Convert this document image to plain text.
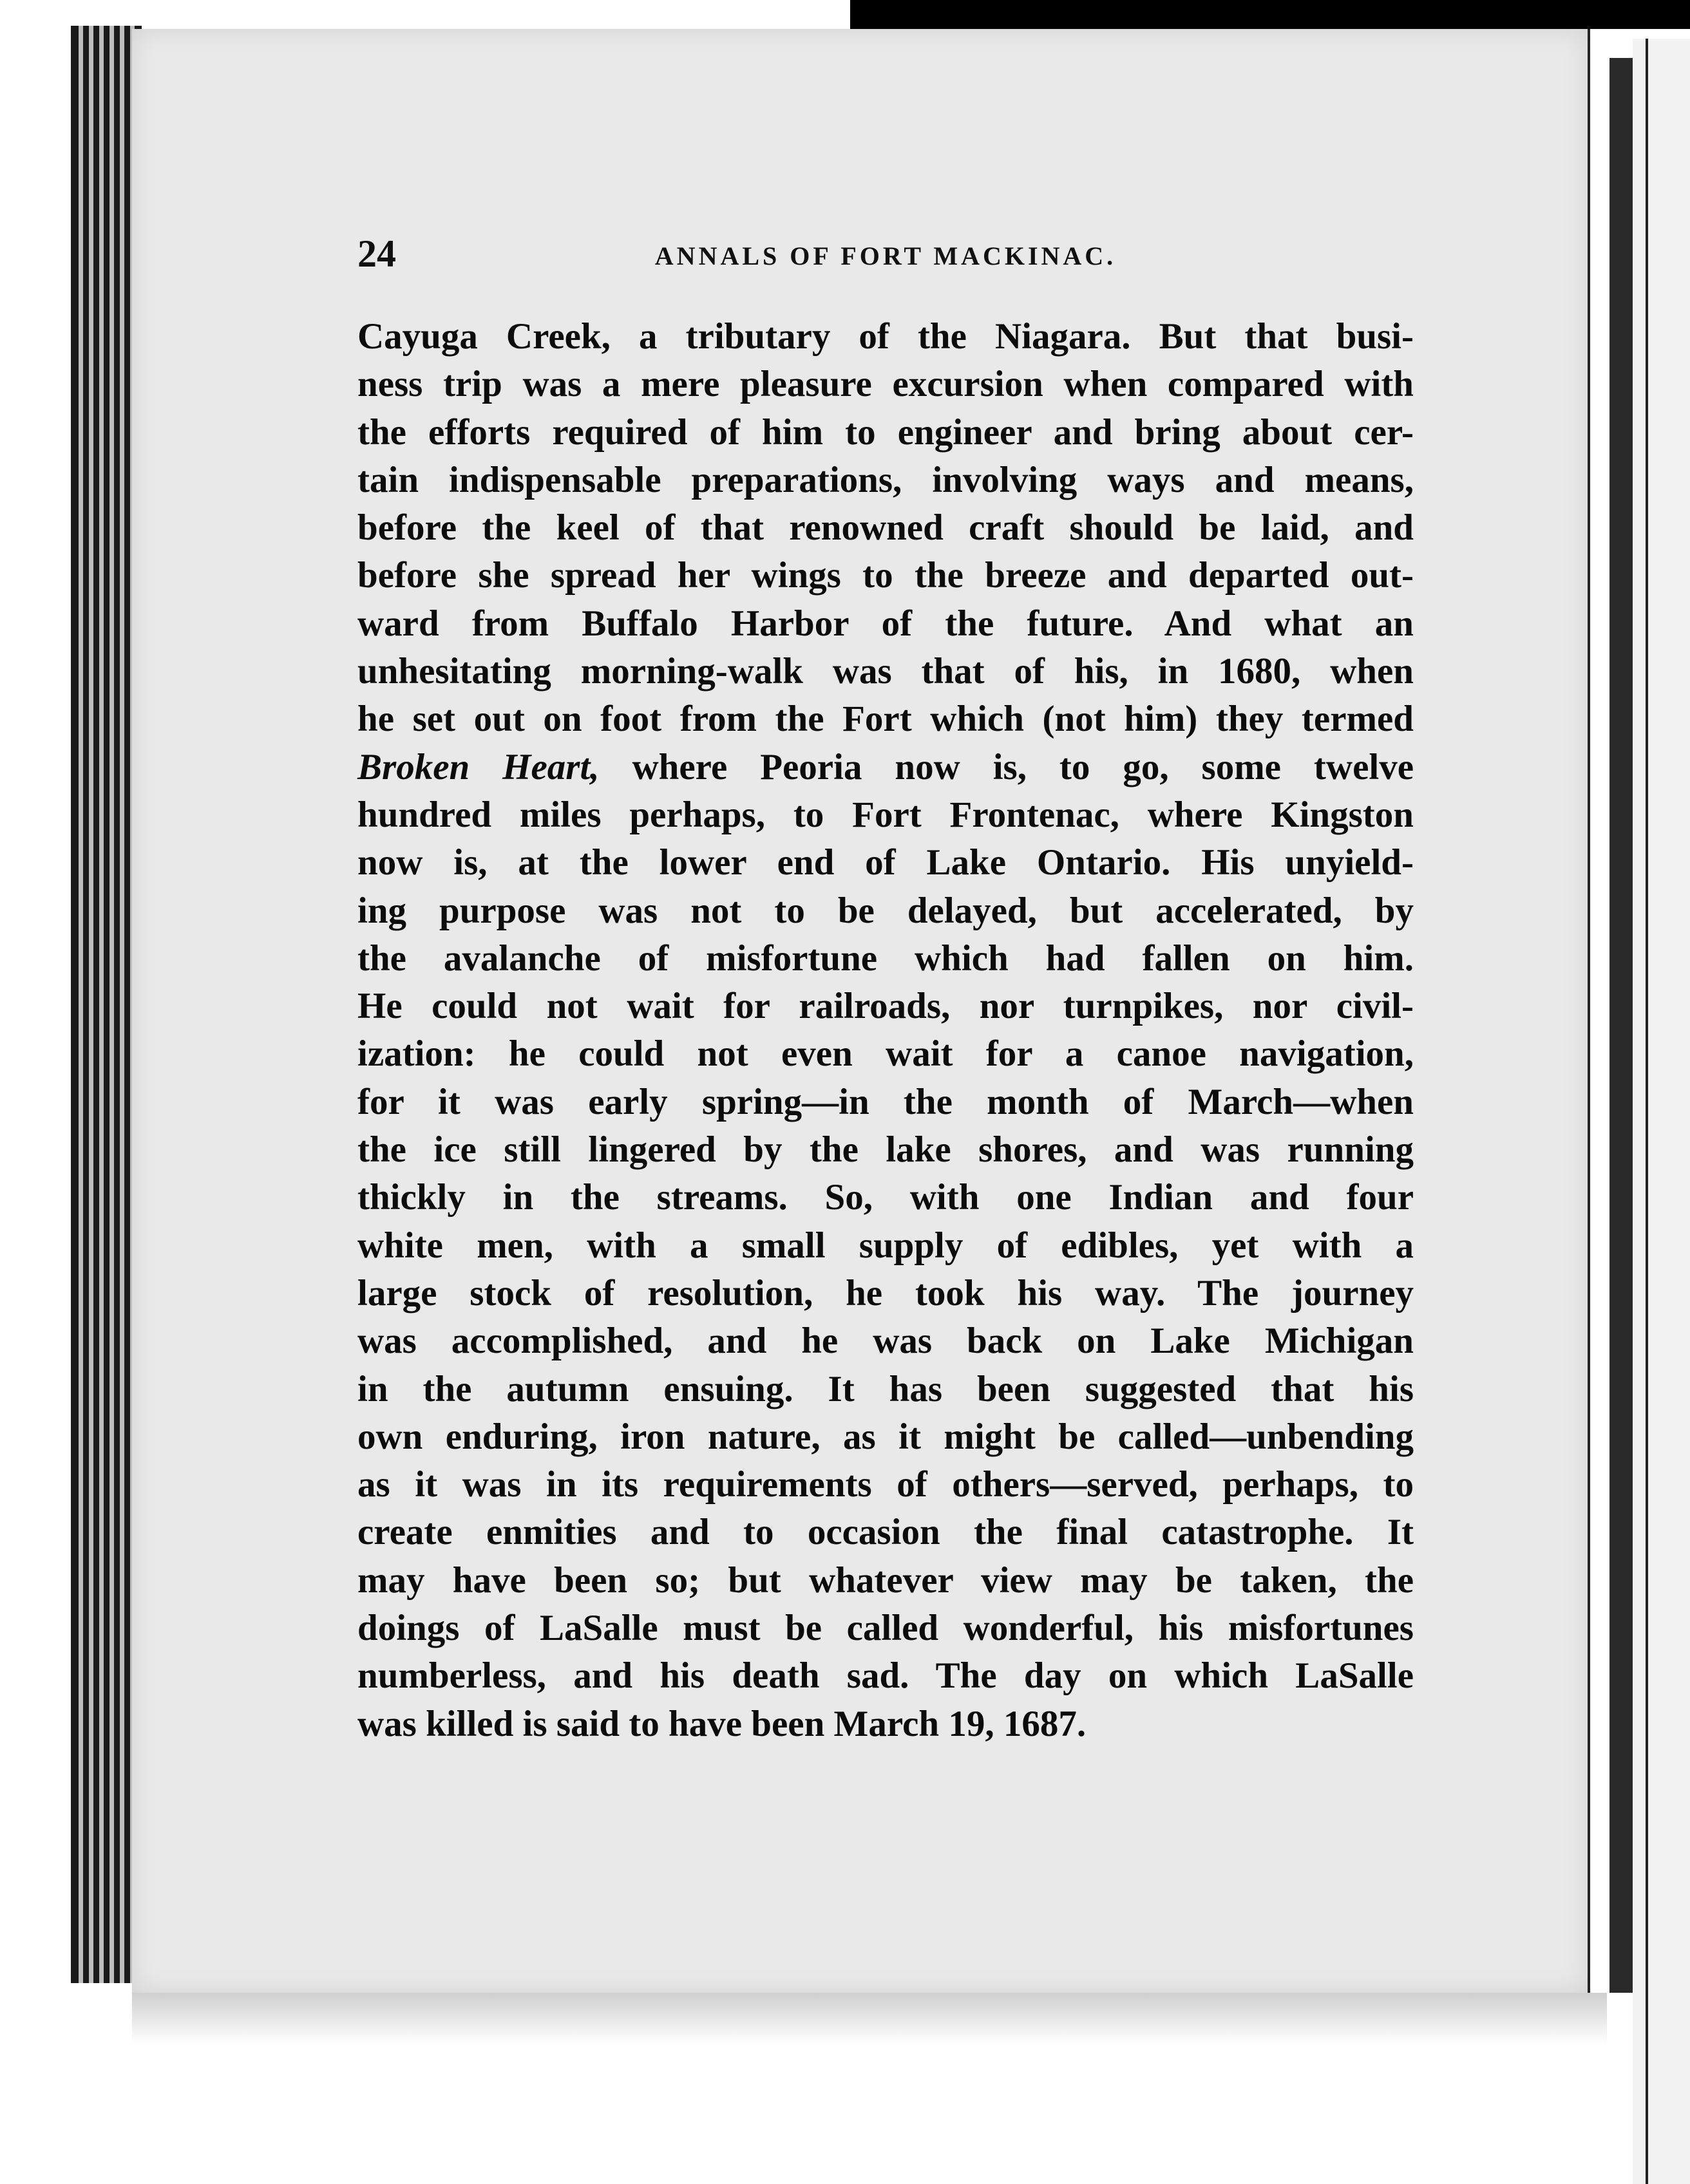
24	ANNALS OF FORT MACKINAC.
Cayuga Creek, a tributary of the Niagara. But that busi-
ness trip was a mere pleasure excursion when compared with
the efforts required of him to engineer and bring about cer-
tain indispensable preparations, involving ways and means,
before the keel of that renowned craft should be laid, and
before she spread her wings to the breeze and departed out-
ward from Buffalo Harbor of the future. And what an
unhesitating morning-walk was that of his, in 1680, when
he set out on foot from the Fort which (not him) they termed
Broken Heart, where Peoria now is, to go, some twelve
hundred miles perhaps, to Fort Frontenac, where Kingston
now is, at the lower end of Lake Ontario. His unyield-
ing purpose was not to be delayed, but accelerated, by
the avalanche of misfortune which had fallen on him.
He could not wait for railroads, nor turnpikes, nor civil-
ization: he could not even wait for a canoe navigation,
for it was early spring—in the month of March—when
the ice still lingered by the lake shores, and was running
thickly in the streams. So, with one Indian and four
white men, with a small supply of edibles, yet with a
large stock of resolution, he took his way. The journey
was accomplished, and he was back on Lake Michigan
in the autumn ensuing. It has been suggested that his
own enduring, iron nature, as it might be called—unbending
as it was in its requirements of others—served, perhaps, to
create enmities and to occasion the final catastrophe. It
may have been so; but whatever view may be taken, the
doings of LaSalle must be called wonderful, his misfortunes
numberless, and his death sad. The day on which LaSalle
was killed is said to have been March 19, 1687.
